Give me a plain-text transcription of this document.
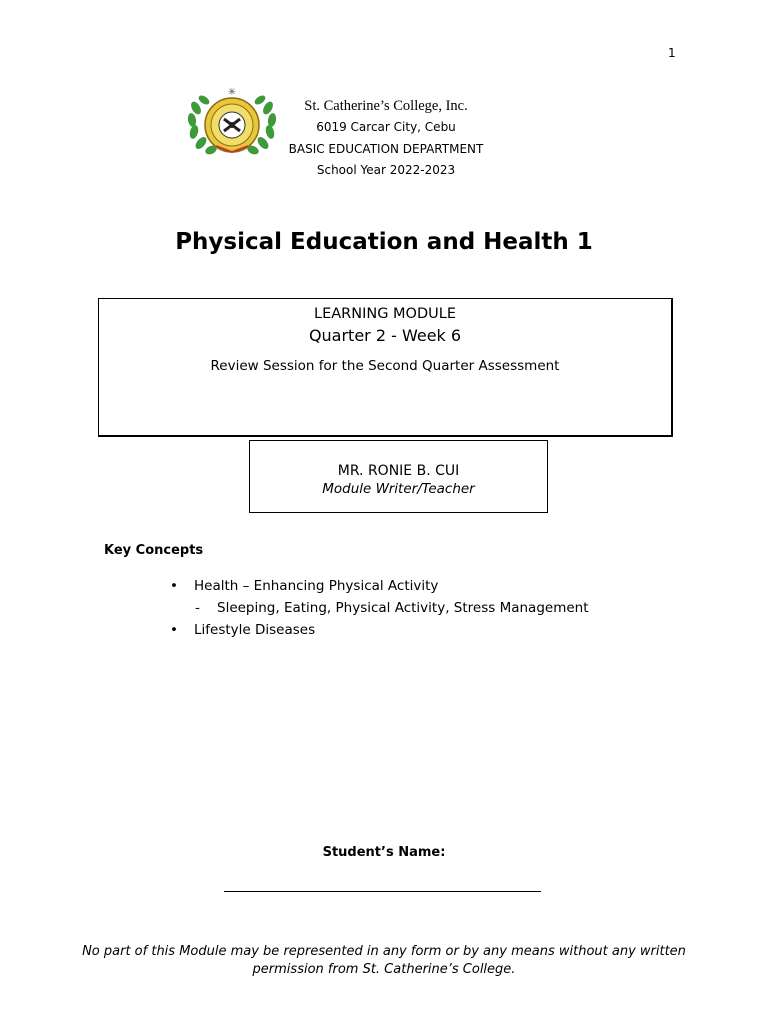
1
✳
St. Catherine’s College, Inc.
6019 Carcar City, Cebu
BASIC EDUCATION DEPARTMENT
School Year 2022-2023
Physical Education and Health 1
LEARNING MODULE
Quarter 2 - Week 6
Review Session for the Second Quarter Assessment
MR. RONIE B. CUI
Module Writer/Teacher
Key Concepts
•	Health – Enhancing Physical Activity
- Sleeping, Eating, Physical Activity, Stress Management
•	Lifestyle Diseases
Student’s Name:
No part of this Module may be represented in any form or by any means without any written permission from St. Catherine’s College.
